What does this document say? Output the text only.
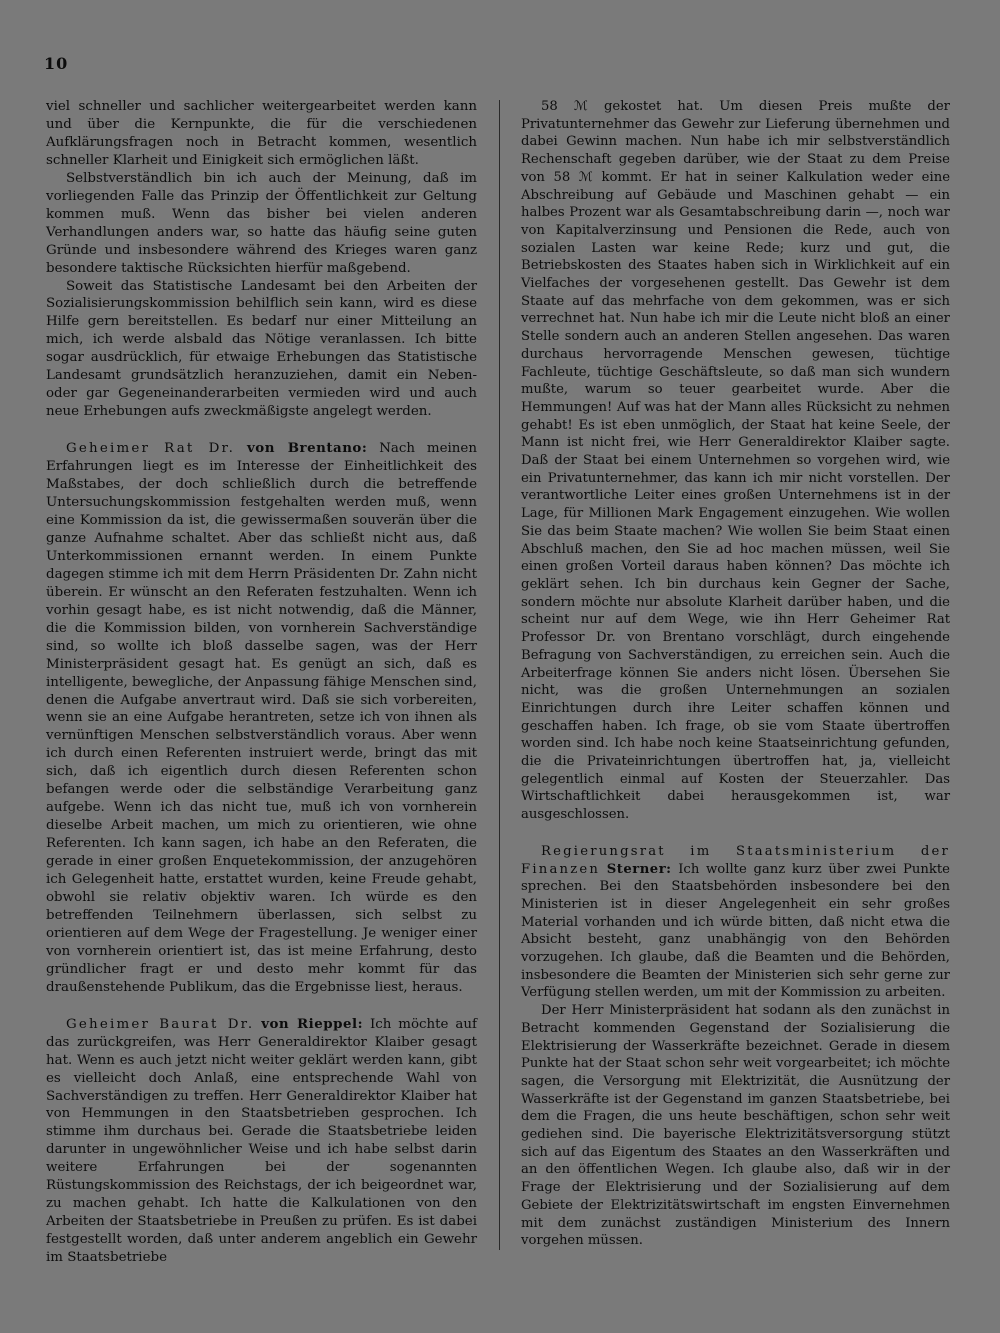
10

viel schneller und sachlicher weitergearbeitet werden kann und über die Kernpunkte, die für die verschiedenen Aufklärungsfragen noch in Betracht kommen, wesentlich schneller Klarheit und Einigkeit sich ermöglichen läßt.

Selbstverständlich bin ich auch der Meinung, daß im vorliegenden Falle das Prinzip der Öffentlichkeit zur Geltung kommen muß. Wenn das bisher bei vielen anderen Verhandlungen anders war, so hatte das häufig seine guten Gründe und insbesondere während des Krieges waren ganz besondere taktische Rücksichten hierfür maßgebend.

Soweit das Statistische Landesamt bei den Arbeiten der Sozialisierungskommission behilflich sein kann, wird es diese Hilfe gern bereitstellen. Es bedarf nur einer Mitteilung an mich, ich werde alsbald das Nötige veranlassen. Ich bitte sogar ausdrücklich, für etwaige Erhebungen das Statistische Landesamt grundsätzlich heranzuziehen, damit ein Neben- oder gar Gegeneinanderarbeiten vermieden wird und auch neue Erhebungen aufs zweckmäßigste angelegt werden.

Geheimer Rat Dr. von Brentano: Nach meinen Erfahrungen liegt es im Interesse der Einheitlichkeit des Maßstabes, der doch schließlich durch die betreffende Untersuchungskommission festgehalten werden muß, wenn eine Kommission da ist, die gewissermaßen souverän über die ganze Aufnahme schaltet. Aber das schließt nicht aus, daß Unterkommissionen ernannt werden. In einem Punkte dagegen stimme ich mit dem Herrn Präsidenten Dr. Zahn nicht überein. Er wünscht an den Referaten festzuhalten. Wenn ich vorhin gesagt habe, es ist nicht notwendig, daß die Männer, die die Kommission bilden, von vornherein Sachverständige sind, so wollte ich bloß dasselbe sagen, was der Herr Ministerpräsident gesagt hat. Es genügt an sich, daß es intelligente, bewegliche, der Anpassung fähige Menschen sind, denen die Aufgabe anvertraut wird. Daß sie sich vorbereiten, wenn sie an eine Aufgabe herantreten, setze ich von ihnen als vernünftigen Menschen selbstverständlich voraus. Aber wenn ich durch einen Referenten instruiert werde, bringt das mit sich, daß ich eigentlich durch diesen Referenten schon befangen werde oder die selbständige Verarbeitung ganz aufgebe. Wenn ich das nicht tue, muß ich von vornherein dieselbe Arbeit machen, um mich zu orientieren, wie ohne Referenten. Ich kann sagen, ich habe an den Referaten, die gerade in einer großen Enquetekommission, der anzugehören ich Gelegenheit hatte, erstattet wurden, keine Freude gehabt, obwohl sie relativ objektiv waren. Ich würde es den betreffenden Teilnehmern überlassen, sich selbst zu orientieren auf dem Wege der Fragestellung. Je weniger einer von vornherein orientiert ist, das ist meine Erfahrung, desto gründlicher fragt er und desto mehr kommt für das draußenstehende Publikum, das die Ergebnisse liest, heraus.

Geheimer Baurat Dr. von Rieppel: Ich möchte auf das zurückgreifen, was Herr Generaldirektor Klaiber gesagt hat. Wenn es auch jetzt nicht weiter geklärt werden kann, gibt es vielleicht doch Anlaß, eine entsprechende Wahl von Sachverständigen zu treffen. Herr Generaldirektor Klaiber hat von Hemmungen in den Staatsbetrieben gesprochen. Ich stimme ihm durchaus bei. Gerade die Staatsbetriebe leiden darunter in ungewöhnlicher Weise und ich habe selbst darin weitere Erfahrungen bei der sogenannten Rüstungskommission des Reichstags, der ich beigeordnet war, zu machen gehabt. Ich hatte die Kalkulationen von den Arbeiten der Staatsbetriebe in Preußen zu prüfen. Es ist dabei festgestellt worden, daß unter anderem angeblich ein Gewehr im Staatsbetriebe

58 ℳ gekostet hat. Um diesen Preis mußte der Privatunternehmer das Gewehr zur Lieferung übernehmen und dabei Gewinn machen. Nun habe ich mir selbstverständlich Rechenschaft gegeben darüber, wie der Staat zu dem Preise von 58 ℳ kommt. Er hat in seiner Kalkulation weder eine Abschreibung auf Gebäude und Maschinen gehabt — ein halbes Prozent war als Gesamtabschreibung darin —, noch war von Kapitalverzinsung und Pensionen die Rede, auch von sozialen Lasten war keine Rede; kurz und gut, die Betriebskosten des Staates haben sich in Wirklichkeit auf ein Vielfaches der vorgesehenen gestellt. Das Gewehr ist dem Staate auf das mehrfache von dem gekommen, was er sich verrechnet hat. Nun habe ich mir die Leute nicht bloß an einer Stelle sondern auch an anderen Stellen angesehen. Das waren durchaus hervorragende Menschen gewesen, tüchtige Fachleute, tüchtige Geschäftsleute, so daß man sich wundern mußte, warum so teuer gearbeitet wurde. Aber die Hemmungen! Auf was hat der Mann alles Rücksicht zu nehmen gehabt! Es ist eben unmöglich, der Staat hat keine Seele, der Mann ist nicht frei, wie Herr Generaldirektor Klaiber sagte. Daß der Staat bei einem Unternehmen so vorgehen wird, wie ein Privatunternehmer, das kann ich mir nicht vorstellen. Der verantwortliche Leiter eines großen Unternehmens ist in der Lage, für Millionen Mark Engagement einzugehen. Wie wollen Sie das beim Staate machen? Wie wollen Sie beim Staat einen Abschluß machen, den Sie ad hoc machen müssen, weil Sie einen großen Vorteil daraus haben können? Das möchte ich geklärt sehen. Ich bin durchaus kein Gegner der Sache, sondern möchte nur absolute Klarheit darüber haben, und die scheint nur auf dem Wege, wie ihn Herr Geheimer Rat Professor Dr. von Brentano vorschlägt, durch eingehende Befragung von Sachverständigen, zu erreichen sein. Auch die Arbeiterfrage können Sie anders nicht lösen. Übersehen Sie nicht, was die großen Unternehmungen an sozialen Einrichtungen durch ihre Leiter schaffen können und geschaffen haben. Ich frage, ob sie vom Staate übertroffen worden sind. Ich habe noch keine Staatseinrichtung gefunden, die die Privateinrichtungen übertroffen hat, ja, vielleicht gelegentlich einmal auf Kosten der Steuerzahler. Das Wirtschaftlichkeit dabei herausgekommen ist, war ausgeschlossen.

Regierungsrat im Staatsministerium der Finanzen Sterner: Ich wollte ganz kurz über zwei Punkte sprechen. Bei den Staatsbehörden insbesondere bei den Ministerien ist in dieser Angelegenheit ein sehr großes Material vorhanden und ich würde bitten, daß nicht etwa die Absicht besteht, ganz unabhängig von den Behörden vorzugehen. Ich glaube, daß die Beamten und die Behörden, insbesondere die Beamten der Ministerien sich sehr gerne zur Verfügung stellen werden, um mit der Kommission zu arbeiten.

Der Herr Ministerpräsident hat sodann als den zunächst in Betracht kommenden Gegenstand der Sozialisierung die Elektrisierung der Wasserkräfte bezeichnet. Gerade in diesem Punkte hat der Staat schon sehr weit vorgearbeitet; ich möchte sagen, die Versorgung mit Elektrizität, die Ausnützung der Wasserkräfte ist der Gegenstand im ganzen Staatsbetriebe, bei dem die Fragen, die uns heute beschäftigen, schon sehr weit gediehen sind. Die bayerische Elektrizitätsversorgung stützt sich auf das Eigentum des Staates an den Wasserkräften und an den öffentlichen Wegen. Ich glaube also, daß wir in der Frage der Elektrisierung und der Sozialisierung auf dem Gebiete der Elektrizitätswirtschaft im engsten Einvernehmen mit dem zunächst zuständigen Ministerium des Innern vorgehen müssen.
